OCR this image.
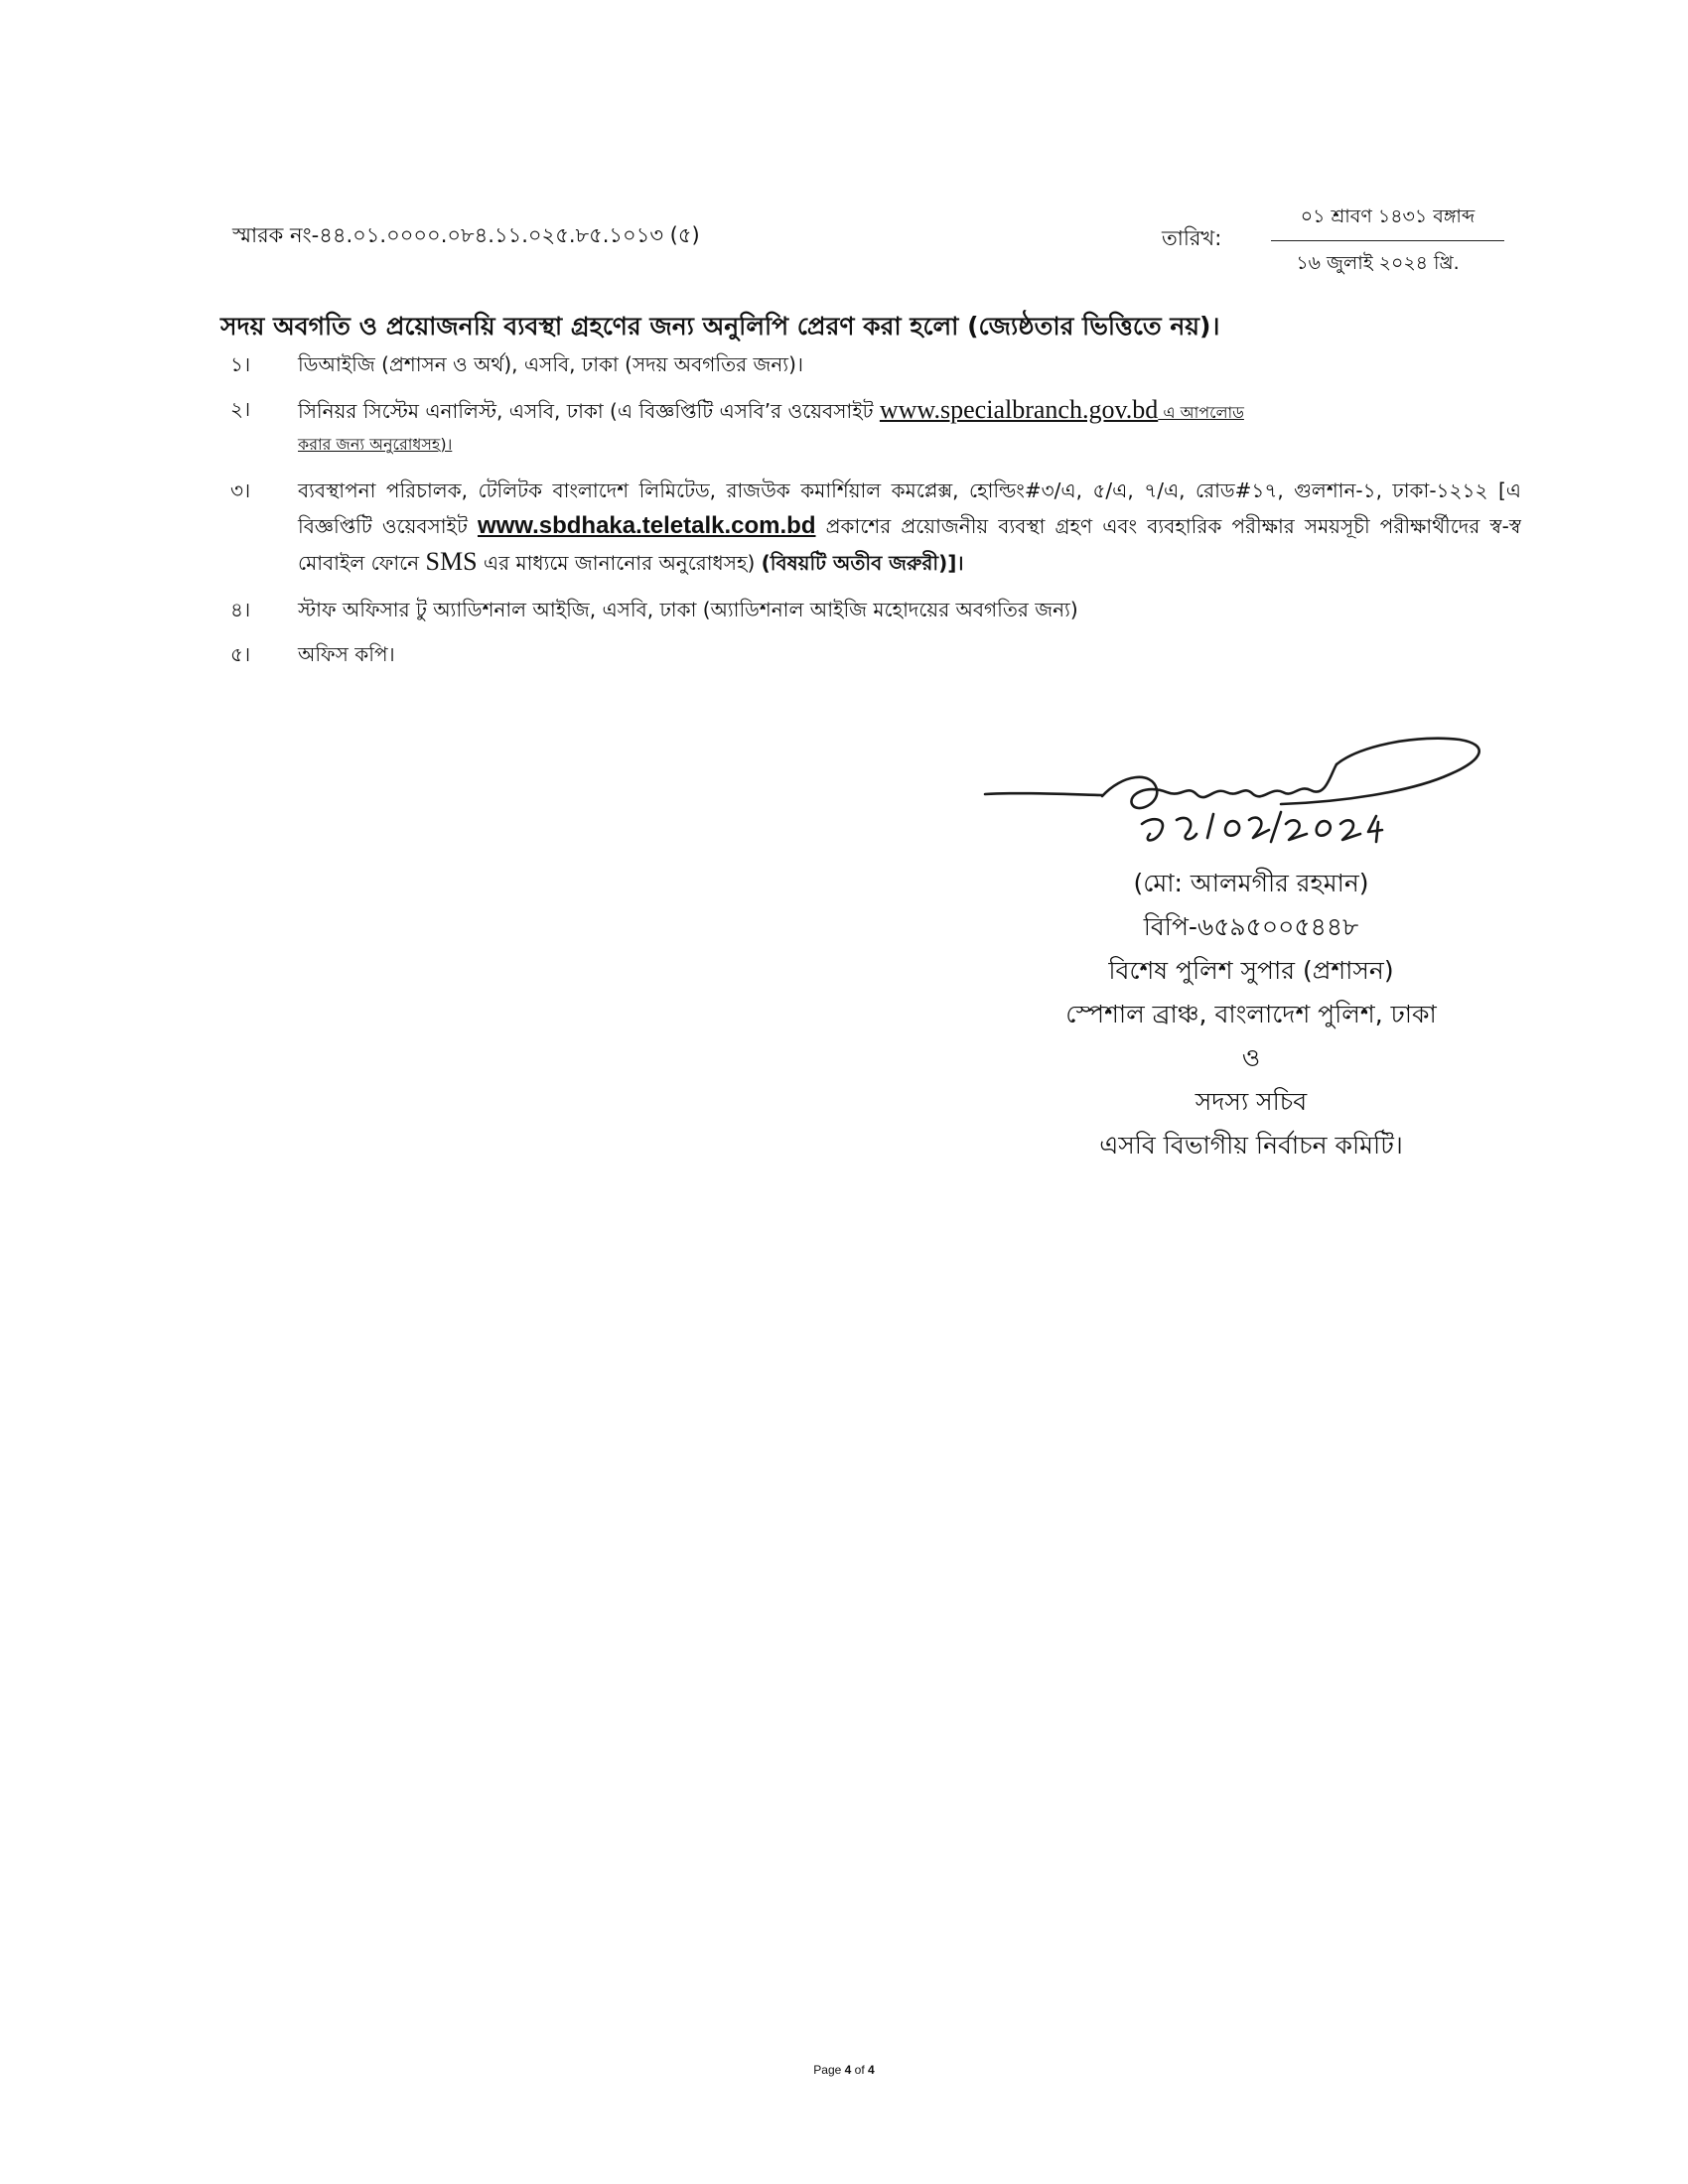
স্মারক নং-৪৪.০১.০০০০.০৮৪.১১.০২৫.৮৫.১০১৩ (৫)	তারিখ:
০১ শ্রাবণ ১৪৩১ বঙ্গাব্দ
১৬ জুলাই ২০২৪ খ্রি.
সদয় অবগতি ও প্রয়োজনয়ি ব্যবস্থা গ্রহণের জন্য অনুলিপি প্রেরণ করা হলো (জ্যেষ্ঠতার ভিত্তিতে নয়)।
১।	ডিআইজি (প্রশাসন ও অর্থ), এসবি, ঢাকা (সদয় অবগতির জন্য)।
২।	সিনিয়র সিস্টেম এনালিস্ট, এসবি, ঢাকা (এ বিজ্ঞপ্তিটি এসবি’র ওয়েবসাইট www.specialbranch.gov.bd এ আপলোড
করার জন্য অনুরোধসহ)।
৩।	ব্যবস্থাপনা পরিচালক, টেলিটক বাংলাদেশ লিমিটেড, রাজউক কমার্শিয়াল কমপ্লেক্স, হোল্ডিং#৩/এ, ৫/এ, ৭/এ, রোড#১৭, গুলশান-১, ঢাকা-১২১২ [এ বিজ্ঞপ্তিটি ওয়েবসাইট www.sbdhaka.teletalk.com.bd প্রকাশের প্রয়োজনীয় ব্যবস্থা গ্রহণ এবং ব্যবহারিক পরীক্ষার সময়সূচী পরীক্ষার্থীদের স্ব-স্ব মোবাইল ফোনে SMS এর মাধ্যমে জানানোর অনুরোধসহ) (বিষয়টি অতীব জরুরী)]।
৪।	স্টাফ অফিসার টু অ্যাডিশনাল আইজি, এসবি, ঢাকা (অ্যাডিশনাল আইজি মহোদয়ের অবগতির জন্য)
৫।	অফিস কপি।
(মো: আলমগীর রহমান)
বিপি-৬৫৯৫০০৫৪৪৮
বিশেষ পুলিশ সুপার (প্রশাসন)
স্পেশাল ব্রাঞ্চ, বাংলাদেশ পুলিশ, ঢাকা
ও
সদস্য সচিব
এসবি বিভাগীয় নির্বাচন কমিটি।
Page 4 of 4
